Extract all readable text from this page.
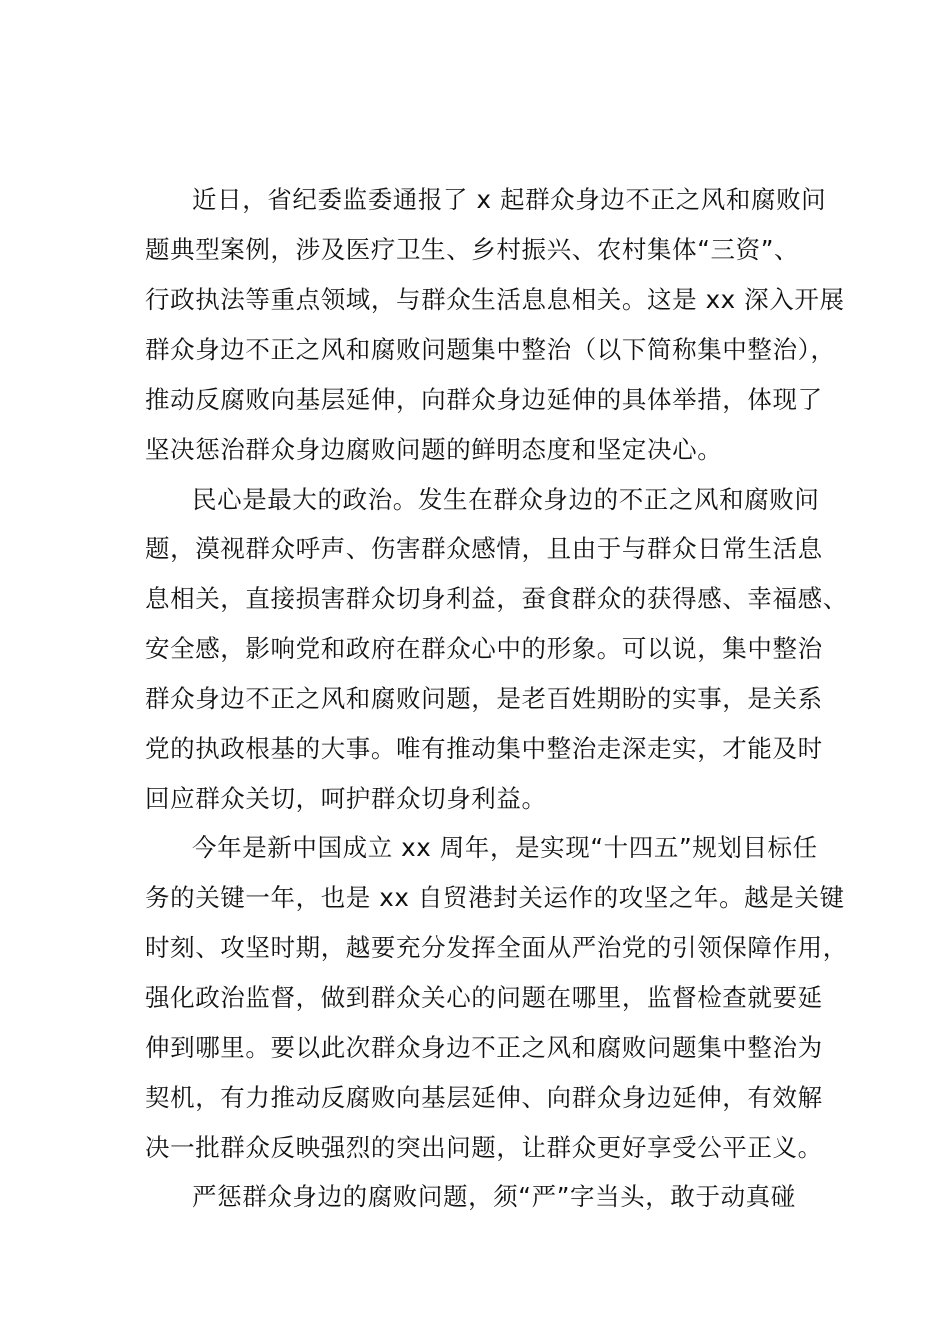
近日，省纪委监委通报了 x 起群众身边不正之风和腐败问
题典型案例，涉及医疗卫生、乡村振兴、农村集体“三资”、
行政执法等重点领域，与群众生活息息相关。这是 xx 深入开展
群众身边不正之风和腐败问题集中整治（以下简称集中整治），
推动反腐败向基层延伸，向群众身边延伸的具体举措，体现了
坚决惩治群众身边腐败问题的鲜明态度和坚定决心。
民心是最大的政治。发生在群众身边的不正之风和腐败问
题，漠视群众呼声、伤害群众感情，且由于与群众日常生活息
息相关，直接损害群众切身利益，蚕食群众的获得感、幸福感、
安全感，影响党和政府在群众心中的形象。可以说，集中整治
群众身边不正之风和腐败问题，是老百姓期盼的实事，是关系
党的执政根基的大事。唯有推动集中整治走深走实，才能及时
回应群众关切，呵护群众切身利益。
今年是新中国成立 xx 周年，是实现“十四五”规划目标任
务的关键一年，也是 xx 自贸港封关运作的攻坚之年。越是关键
时刻、攻坚时期，越要充分发挥全面从严治党的引领保障作用，
强化政治监督，做到群众关心的问题在哪里，监督检查就要延
伸到哪里。要以此次群众身边不正之风和腐败问题集中整治为
契机，有力推动反腐败向基层延伸、向群众身边延伸，有效解
决一批群众反映强烈的突出问题，让群众更好享受公平正义。
严惩群众身边的腐败问题，须“严”字当头，敢于动真碰
